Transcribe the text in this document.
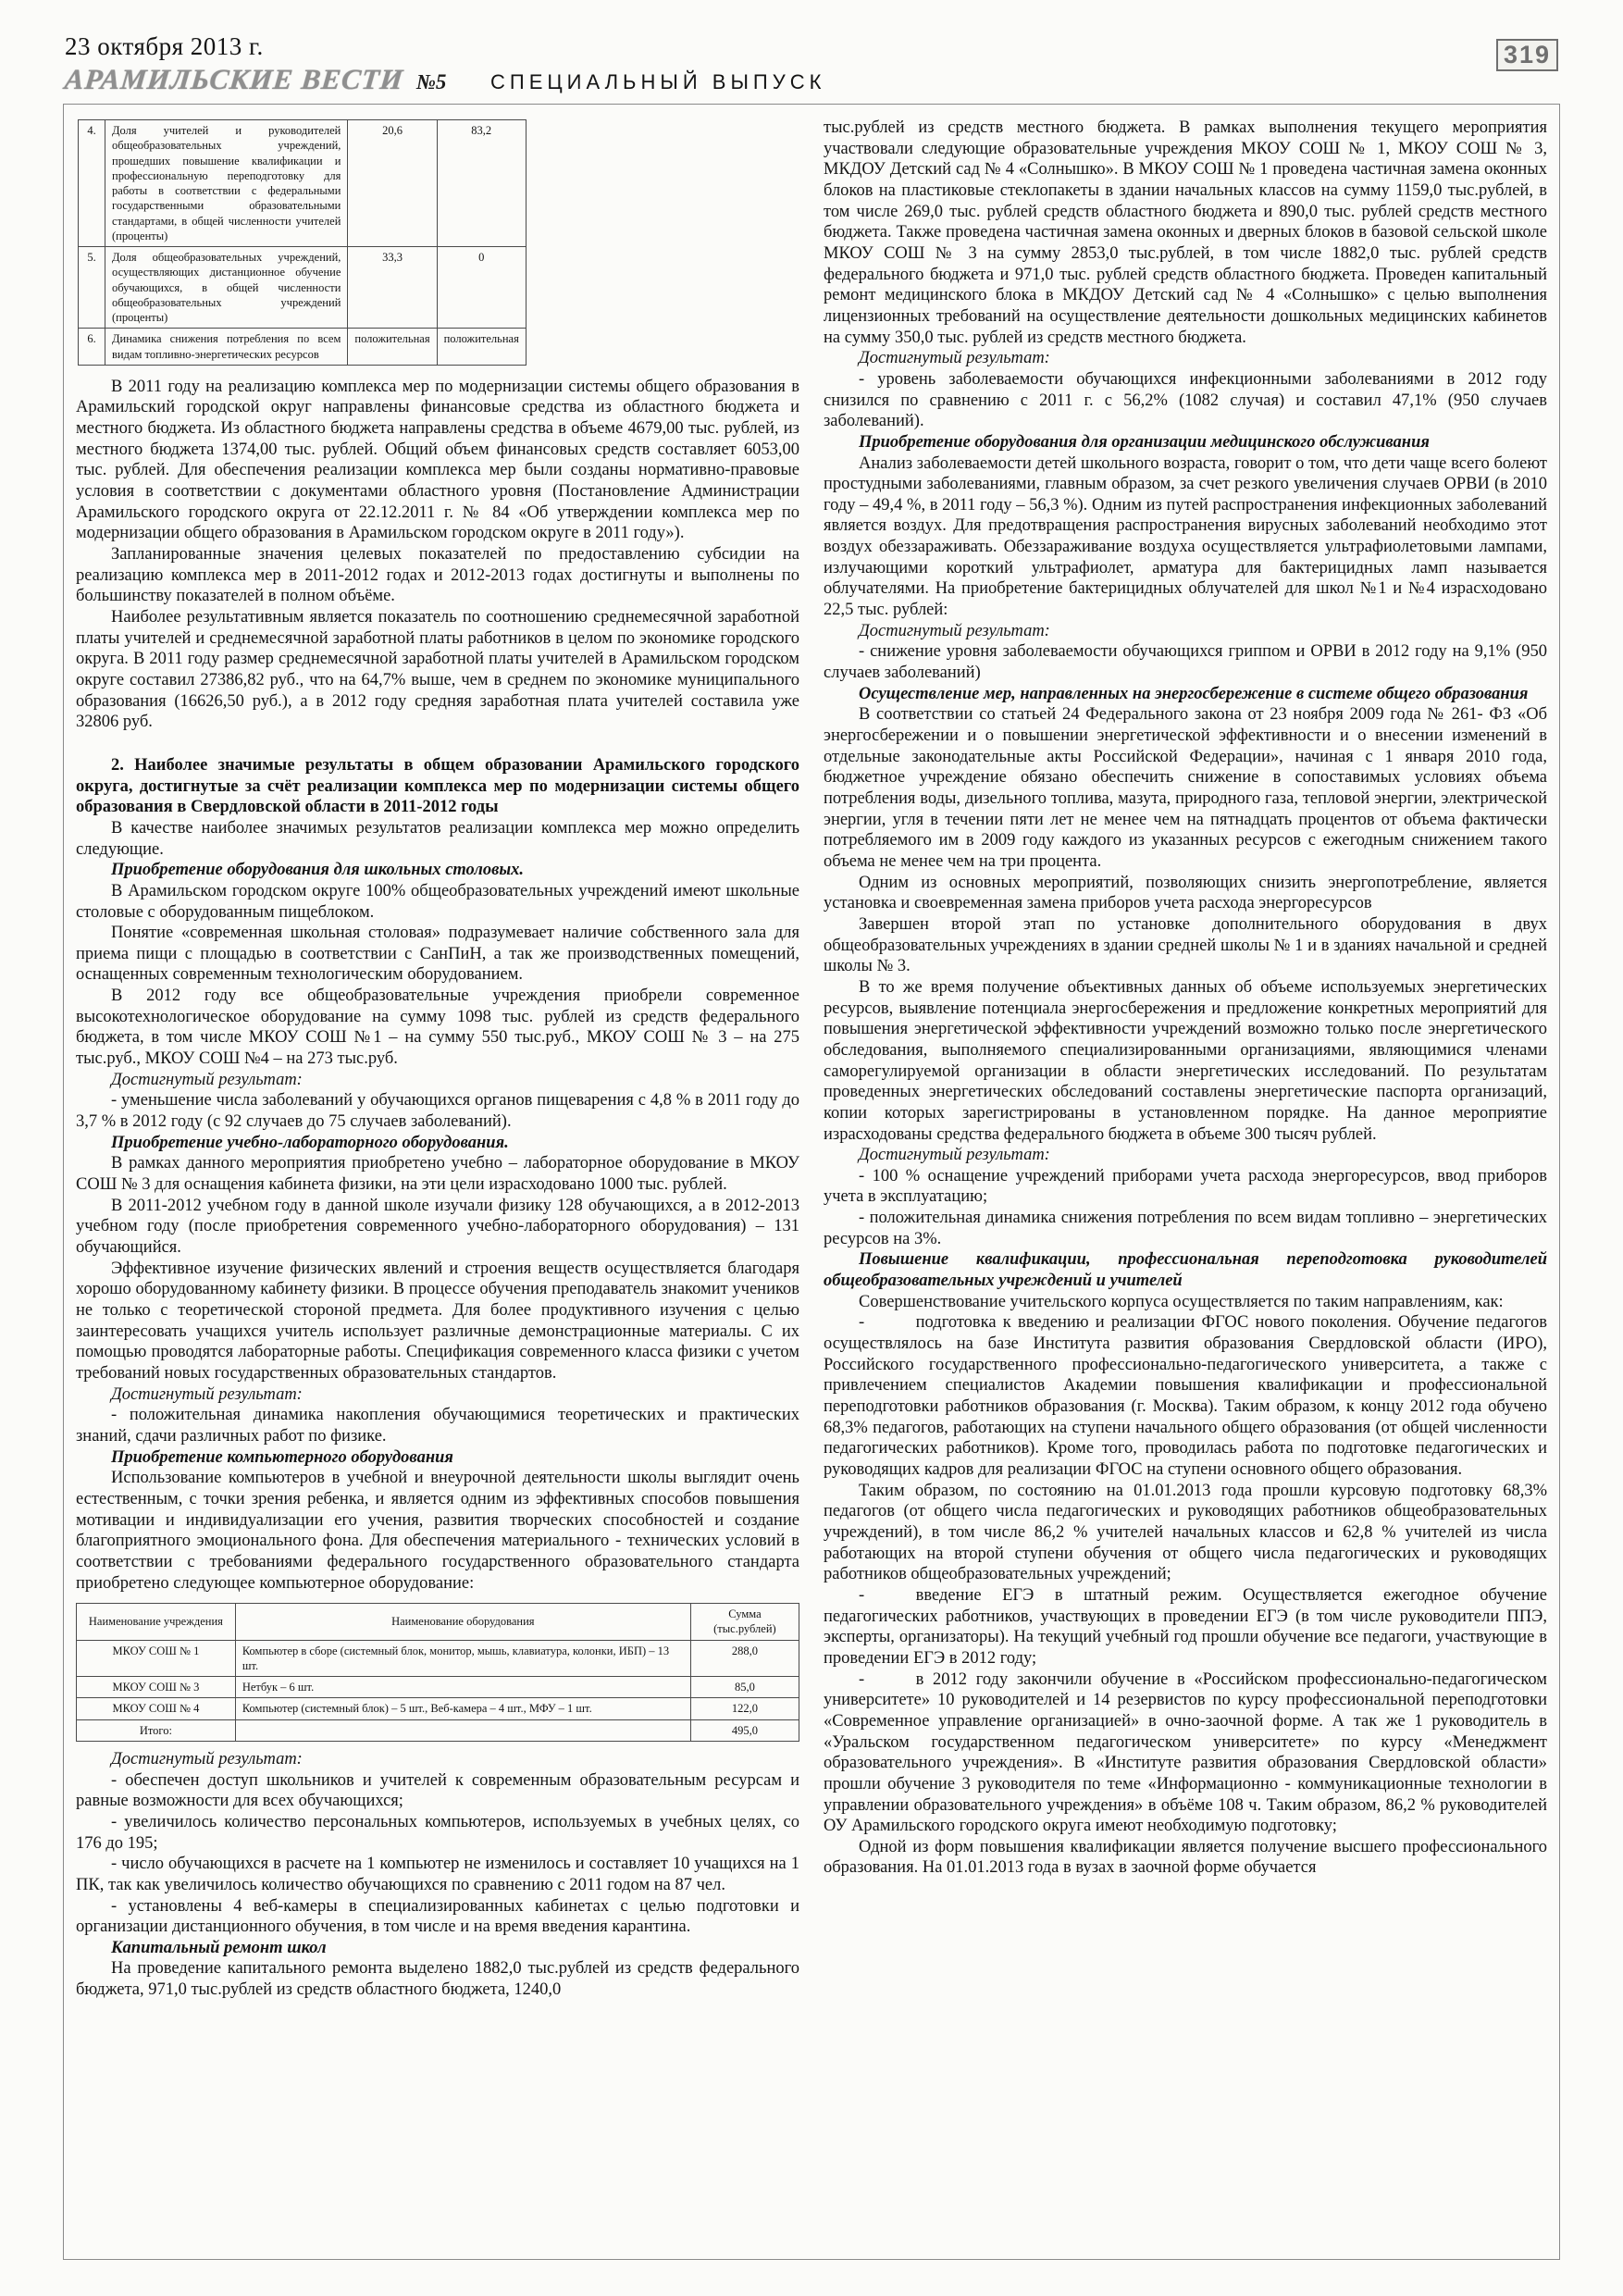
23 октября 2013 г.
АРАМИЛЬСКИЕ ВЕСТИ №5 СПЕЦИАЛЬНЫЙ ВЫПУСК
319
4.	Доля учителей и руководителей общеобразовательных учреждений, прошедших повышение квалификации и профессиональную переподготовку для работы в соответствии с федеральными государственными образовательными стандартами, в общей численности учителей (проценты)	20,6	83,2
5.	Доля общеобразовательных учреждений, осуществляющих дистанционное обучение обучающихся, в общей численности общеобразовательных учреждений (проценты)	33,3	0
6.	Динамика снижения потребления по всем видам топливно-энергетических ресурсов	положительная	положительная

В 2011 году на реализацию комплекса мер по модернизации системы общего образования в Арамильский городской округ направлены финансовые средства из областного бюджета и местного бюджета. Из областного бюджета направлены средства в объеме 4679,00 тыс. рублей, из местного бюджета 1374,00 тыс. рублей. Общий объем финансовых средств составляет 6053,00 тыс. рублей. Для обеспечения реализации комплекса мер были созданы нормативно-правовые условия в соответствии с документами областного уровня (Постановление Администрации Арамильского городского округа от 22.12.2011 г. № 84 «Об утверждении комплекса мер по модернизации общего образования в Арамильском городском округе в 2011 году»).

Запланированные значения целевых показателей по предоставлению субсидии на реализацию комплекса мер в 2011-2012 годах и 2012-2013 годах достигнуты и выполнены по большинству показателей в полном объёме.

Наиболее результативным является показатель по соотношению среднемесячной заработной платы учителей и среднемесячной заработной платы работников в целом по экономике городского округа. В 2011 году размер среднемесячной заработной платы учителей в Арамильском городском округе составил 27386,82 руб., что на 64,7% выше, чем в среднем по экономике муниципального образования (16626,50 руб.), а в 2012 году средняя заработная плата учителей составила уже 32806 руб.

2. Наиболее значимые результаты в общем образовании Арамильского городского округа, достигнутые за счёт реализации комплекса мер по модернизации системы общего образования в Свердловской области в 2011-2012 годы

В качестве наиболее значимых результатов реализации комплекса мер можно определить следующие.

Приобретение оборудования для школьных столовых.

В Арамильском городском округе 100% общеобразовательных учреждений имеют школьные столовые с оборудованным пищеблоком.

Понятие «современная школьная столовая» подразумевает наличие собственного зала для приема пищи с площадью в соответствии с СанПиН, а так же производственных помещений, оснащенных современным технологическим оборудованием.

В 2012 году все общеобразовательные учреждения приобрели современное высокотехнологическое оборудование на сумму 1098 тыс. рублей из средств федерального бюджета, в том числе МКОУ СОШ №1 – на сумму 550 тыс.руб., МКОУ СОШ № 3 – на 275 тыс.руб., МКОУ СОШ №4 – на 273 тыс.руб.

Достигнутый результат:

- уменьшение числа заболеваний у обучающихся органов пищеварения с 4,8 % в 2011 году до 3,7 % в 2012 году (с 92 случаев до 75 случаев заболеваний).

Приобретение учебно-лабораторного оборудования.

В рамках данного мероприятия приобретено учебно – лабораторное оборудование в МКОУ СОШ № 3 для оснащения кабинета физики, на эти цели израсходовано 1000 тыс. рублей.

В 2011-2012 учебном году в данной школе изучали физику 128 обучающихся, а в 2012-2013 учебном году (после приобретения современного учебно-лабораторного оборудования) – 131 обучающийся.

Эффективное изучение физических явлений и строения веществ осуществляется благодаря хорошо оборудованному кабинету физики. В процессе обучения преподаватель знакомит учеников не только с теоретической стороной предмета. Для более продуктивного изучения с целью заинтересовать учащихся учитель использует различные демонстрационные материалы. С их помощью проводятся лабораторные работы. Спецификация современного класса физики с учетом требований новых государственных образовательных стандартов.

Достигнутый результат:

- положительная динамика накопления обучающимися теоретических и практических знаний, сдачи различных работ по физике.

Приобретение компьютерного оборудования

Использование компьютеров в учебной и внеурочной деятельности школы выглядит очень естественным, с точки зрения ребенка, и является одним из эффективных способов повышения мотивации и индивидуализации его учения, развития творческих способностей и создание благоприятного эмоционального фона. Для обеспечения материального - технических условий в соответствии с требованиями федерального государственного образовательного стандарта приобретено следующее компьютерное оборудование:

Наименование учреждения	Наименование оборудования	Сумма (тыс.рублей)
МКОУ СОШ № 1	Компьютер в сборе (системный блок, монитор, мышь, клавиатура, колонки, ИБП) – 13 шт.	288,0
МКОУ СОШ № 3	Нетбук – 6 шт.	85,0
МКОУ СОШ № 4	Компьютер (системный блок) – 5 шт., Веб-камера – 4 шт., МФУ – 1 шт.	122,0
Итого:		495,0

Достигнутый результат:

- обеспечен доступ школьников и учителей к современным образовательным ресурсам и равные возможности для всех обучающихся;

- увеличилось количество персональных компьютеров, используемых в учебных целях, со 176 до 195;

- число обучающихся в расчете на 1 компьютер не изменилось и составляет 10 учащихся на 1 ПК, так как увеличилось количество обучающихся по сравнению с 2011 годом на 87 чел.

- установлены 4 веб-камеры в специализированных кабинетах с целью подготовки и организации дистанционного обучения, в том числе и на время введения карантина.

Капитальный ремонт школ

На проведение капитального ремонта выделено 1882,0 тыс.рублей из средств федерального бюджета, 971,0 тыс.рублей из средств областного бюджета, 1240,0

тыс.рублей из средств местного бюджета. В рамках выполнения текущего мероприятия участвовали следующие образовательные учреждения МКОУ СОШ № 1, МКОУ СОШ № 3, МКДОУ Детский сад № 4 «Солнышко». В МКОУ СОШ № 1 проведена частичная замена оконных блоков на пластиковые стеклопакеты в здании начальных классов на сумму 1159,0 тыс.рублей, в том числе 269,0 тыс. рублей средств областного бюджета и 890,0 тыс. рублей средств местного бюджета. Также проведена частичная замена оконных и дверных блоков в базовой сельской школе МКОУ СОШ № 3 на сумму 2853,0 тыс.рублей, в том числе 1882,0 тыс. рублей средств федерального бюджета и 971,0 тыс. рублей средств областного бюджета. Проведен капитальный ремонт медицинского блока в МКДОУ Детский сад № 4 «Солнышко» с целью выполнения лицензионных требований на осуществление деятельности дошкольных медицинских кабинетов на сумму 350,0 тыс. рублей из средств местного бюджета.

Достигнутый результат:

- уровень заболеваемости обучающихся инфекционными заболеваниями в 2012 году снизился по сравнению с 2011 г. с 56,2% (1082 случая) и составил 47,1% (950 случаев заболеваний).

Приобретение оборудования для организации медицинского обслуживания

Анализ заболеваемости детей школьного возраста, говорит о том, что дети чаще всего болеют простудными заболеваниями, главным образом, за счет резкого увеличения случаев ОРВИ (в 2010 году – 49,4 %, в 2011 году – 56,3 %). Одним из путей распространения инфекционных заболеваний является воздух. Для предотвращения распространения вирусных заболеваний необходимо этот воздух обеззараживать. Обеззараживание воздуха осуществляется ультрафиолетовыми лампами, излучающими короткий ультрафиолет, арматура для бактерицидных ламп называется облучателями. На приобретение бактерицидных облучателей для школ №1 и №4 израсходовано 22,5 тыс. рублей:

Достигнутый результат:

- снижение уровня заболеваемости обучающихся гриппом и ОРВИ в 2012 году на 9,1% (950 случаев заболеваний)

Осуществление мер, направленных на энергосбережение в системе общего образования

В соответствии со статьей 24 Федерального закона от 23 ноября 2009 года № 261- ФЗ «Об энергосбережении и о повышении энергетической эффективности и о внесении изменений в отдельные законодательные акты Российской Федерации», начиная с 1 января 2010 года, бюджетное учреждение обязано обеспечить снижение в сопоставимых условиях объема потребления воды, дизельного топлива, мазута, природного газа, тепловой энергии, электрической энергии, угля в течении пяти лет не менее чем на пятнадцать процентов от объема фактически потребляемого им в 2009 году каждого из указанных ресурсов с ежегодным снижением такого объема не менее чем на три процента.

Одним из основных мероприятий, позволяющих снизить энергопотребление, является установка и своевременная замена приборов учета расхода энергоресурсов

Завершен второй этап по установке дополнительного оборудования в двух общеобразовательных учреждениях в здании средней школы № 1 и в зданиях начальной и средней школы № 3.

В то же время получение объективных данных об объеме используемых энергетических ресурсов, выявление потенциала энергосбережения и предложение конкретных мероприятий для повышения энергетической эффективности учреждений возможно только после энергетического обследования, выполняемого специализированными организациями, являющимися членами саморегулируемой организации в области энергетических исследований. По результатам проведенных энергетических обследований составлены энергетические паспорта организаций, копии которых зарегистрированы в установленном порядке. На данное мероприятие израсходованы средства федерального бюджета в объеме 300 тысяч рублей.

Достигнутый результат:

- 100 % оснащение учреждений приборами учета расхода энергоресурсов, ввод приборов учета в эксплуатацию;

- положительная динамика снижения потребления по всем видам топливно – энергетических ресурсов на 3%.

Повышение квалификации, профессиональная переподготовка руководителей общеобразовательных учреждений и учителей

Совершенствование учительского корпуса осуществляется по таким направлениям, как:

-   подготовка к введению и реализации ФГОС нового поколения. Обучение педагогов осуществлялось на базе Института развития образования Свердловской области (ИРО), Российского государственного профессионально-педагогического университета, а также с привлечением специалистов Академии повышения квалификации и профессиональной переподготовки работников образования (г. Москва). Таким образом, к концу 2012 года обучено 68,3% педагогов, работающих на ступени начального общего образования (от общей численности педагогических работников). Кроме того, проводилась работа по подготовке педагогических и руководящих кадров для реализации ФГОС на ступени основного общего образования.

Таким образом, по состоянию на 01.01.2013 года прошли курсовую подготовку 68,3% педагогов (от общего числа педагогических и руководящих работников общеобразовательных учреждений), в том числе 86,2 % учителей начальных классов и 62,8 % учителей из числа работающих на второй ступени обучения от общего числа педагогических и руководящих работников общеобразовательных учреждений;

-   введение ЕГЭ в штатный режим. Осуществляется ежегодное обучение педагогических работников, участвующих в проведении ЕГЭ (в том числе руководители ППЭ, эксперты, организаторы). На текущий учебный год прошли обучение все педагоги, участвующие в проведении ЕГЭ в 2012 году;

-   в 2012 году закончили обучение в «Российском профессионально-педагогическом университете» 10 руководителей и 14 резервистов по курсу профессиональной переподготовки «Современное управление организацией» в очно-заочной форме. А так же 1 руководитель в «Уральском государственном педагогическом университете» по курсу «Менеджмент образовательного учреждения». В «Институте развития образования Свердловской области» прошли обучение 3 руководителя по теме «Информационно - коммуникационные технологии в управлении образовательного учреждения» в объёме 108 ч. Таким образом, 86,2 % руководителей ОУ Арамильского городского округа имеют необходимую подготовку;

Одной из форм повышения квалификации является получение высшего профессионального образования. На 01.01.2013 года в вузах в заочной форме обучается
